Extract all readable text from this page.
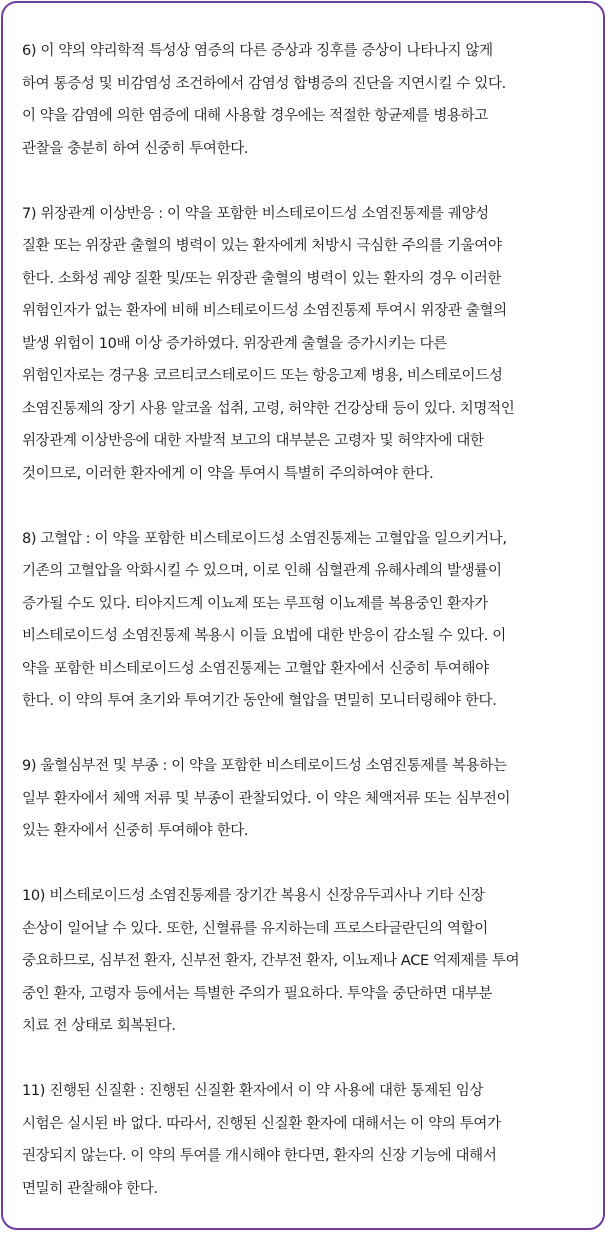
6) 이 약의 약리학적 특성상 염증의 다른 증상과 징후를 증상이 나타나지 않게
하여 통증성 및 비감염성 조건하에서 감염성 합병증의 진단을 지연시킬 수 있다.
이 약을 감염에 의한 염증에 대해 사용할 경우에는 적절한 항균제를 병용하고
관찰을 충분히 하여 신중히 투여한다.
7) 위장관계 이상반응 : 이 약을 포함한 비스테로이드성 소염진통제를 궤양성
질환 또는 위장관 출혈의 병력이 있는 환자에게 처방시 극심한 주의를 기울여야
한다. 소화성 궤양 질환 및/또는 위장관 출혈의 병력이 있는 환자의 경우 이러한
위험인자가 없는 환자에 비해 비스테로이드성 소염진통제 투여시 위장관 출혈의
발생 위험이 10배 이상 증가하였다. 위장관계 출혈을 증가시키는 다른
위험인자로는 경구용 코르티코스테로이드 또는 항응고제 병용, 비스테로이드성
소염진통제의 장기 사용 알코올 섭취, 고령, 허약한 건강상태 등이 있다. 치명적인
위장관계 이상반응에 대한 자발적 보고의 대부분은 고령자 및 허약자에 대한
것이므로, 이러한 환자에게 이 약을 투여시 특별히 주의하여야 한다.
8) 고혈압 : 이 약을 포함한 비스테로이드성 소염진통제는 고혈압을 일으키거나,
기존의 고혈압을 악화시킬 수 있으며, 이로 인해 심혈관계 유해사례의 발생률이
증가될 수도 있다. 티아지드계 이뇨제 또는 루프형 이뇨제를 복용중인 환자가
비스테로이드성 소염진통제 복용시 이들 요법에 대한 반응이 감소될 수 있다. 이
약을 포함한 비스테로이드성 소염진통제는 고혈압 환자에서 신중히 투여해야
한다. 이 약의 투여 초기와 투여기간 동안에 혈압을 면밀히 모니터링해야 한다.
9) 울혈심부전 및 부종 : 이 약을 포함한 비스테로이드성 소염진통제를 복용하는
일부 환자에서 체액 저류 및 부종이 관찰되었다. 이 약은 체액저류 또는 심부전이
있는 환자에서 신중히 투여해야 한다.
10) 비스테로이드성 소염진통제를 장기간 복용시 신장유두괴사나 기타 신장
손상이 일어날 수 있다. 또한, 신혈류를 유지하는데 프로스타글란딘의 역할이
중요하므로, 심부전 환자, 신부전 환자, 간부전 환자, 이뇨제나 ACE 억제제를 투여
중인 환자, 고령자 등에서는 특별한 주의가 필요하다. 투약을 중단하면 대부분
치료 전 상태로 회복된다.
11) 진행된 신질환 : 진행된 신질환 환자에서 이 약 사용에 대한 통제된 임상
시험은 실시된 바 없다. 따라서, 진행된 신질환 환자에 대해서는 이 약의 투여가
권장되지 않는다. 이 약의 투여를 개시해야 한다면, 환자의 신장 기능에 대해서
면밀히 관찰해야 한다.
